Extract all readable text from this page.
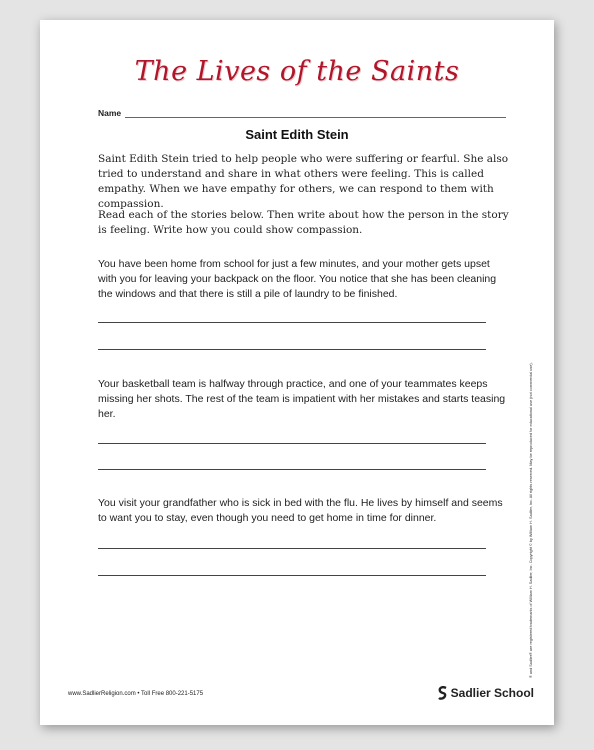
The Lives of the Saints
Name
Saint Edith Stein
Saint Edith Stein tried to help people who were suffering or fearful. She also tried to understand and share in what others were feeling. This is called empathy. When we have empathy for others, we can respond to them with compassion.
Read each of the stories below. Then write about how the person in the story is feeling. Write how you could show compassion.
You have been home from school for just a few minutes, and your mother gets upset with you for leaving your backpack on the floor. You notice that she has been cleaning the windows and that there is still a pile of laundry to be finished.
Your basketball team is halfway through practice, and one of your teammates keeps missing her shots. The rest of the team is impatient with her mistakes and starts teasing her.
You visit your grandfather who is sick in bed with the flu. He lives by himself and seems to want you to stay, even though you need to get home in time for dinner.	® and Sadlier® are registered trademarks of William H. Sadlier, Inc. Copyright © by William H. Sadlier, Inc. All rights reserved. May be reproduced for educational use (not commercial use).
www.SadlierReligion.com • Toll Free 800-221-5175	Sadlier School
